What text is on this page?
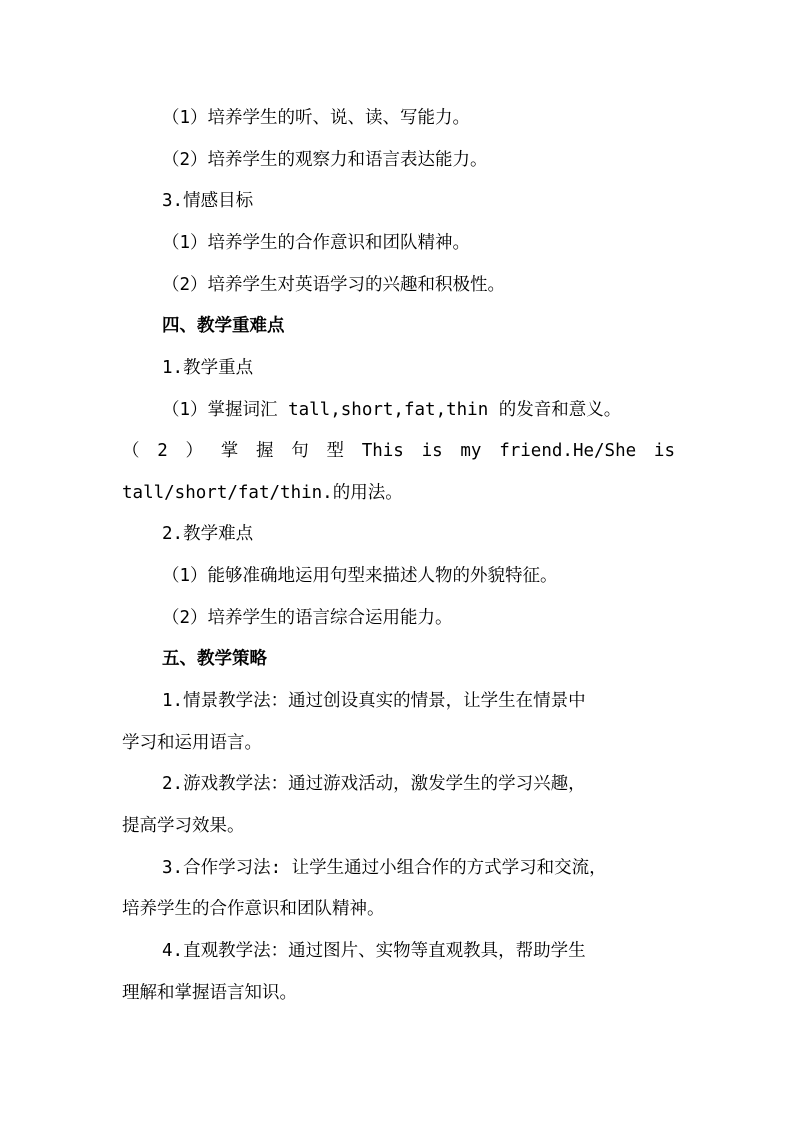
（1）培养学生的听、说、读、写能力。
（2）培养学生的观察力和语言表达能力。
3.情感目标
（1）培养学生的合作意识和团队精神。
（2）培养学生对英语学习的兴趣和积极性。
四、教学重难点
1.教学重点
（1）掌握词汇 tall,short,fat,thin 的发音和意义。
（ 2 ） 掌 握 句 型 This is my friend.He/She is
tall/short/fat/thin.的用法。
2.教学难点
（1）能够准确地运用句型来描述人物的外貌特征。
（2）培养学生的语言综合运用能力。
五、教学策略
1.情景教学法：通过创设真实的情景，让学生在情景中
学习和运用语言。
2.游戏教学法：通过游戏活动，激发学生的学习兴趣，
提高学习效果。
3.合作学习法: 让学生通过小组合作的方式学习和交流，
培养学生的合作意识和团队精神。
4.直观教学法：通过图片、实物等直观教具，帮助学生
理解和掌握语言知识。
